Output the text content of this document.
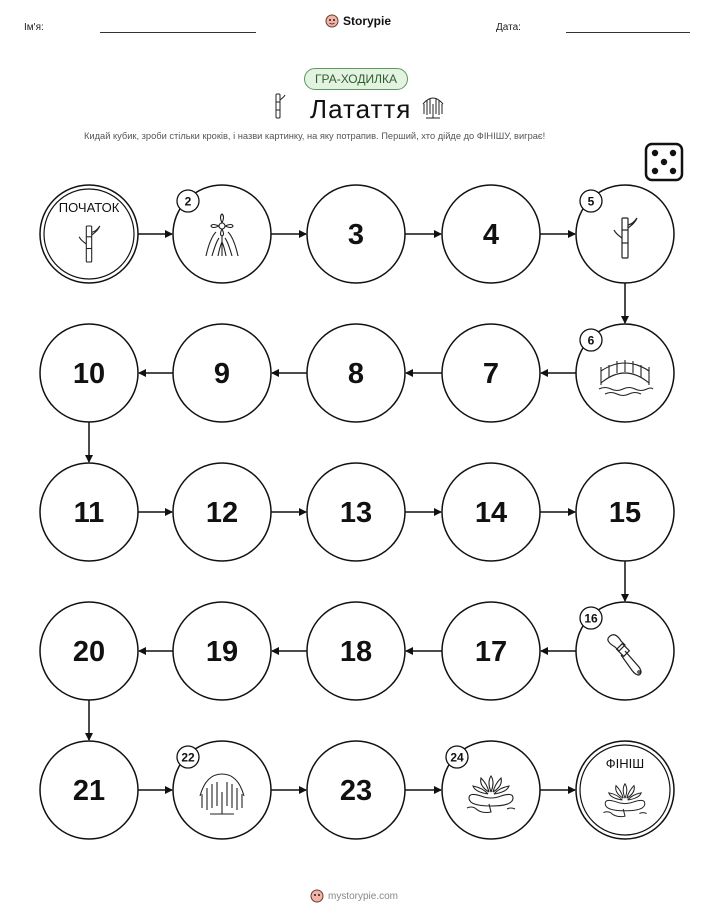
Ім'я:	Storypie	Дата:
ГРА-ХОДИЛКА
Латаття
Кидай кубик, зроби стільки кроків, і назви картинку, на яку потрапив. Перший, хто дійде до ФІНІШУ, виграє!
ПОЧАТОК	2
3	4
5
6
7
8
9
10
11	12	13	14	15
16
17
18
19
20
21
22
23
24	ФІНІШ
mystorypie.com
